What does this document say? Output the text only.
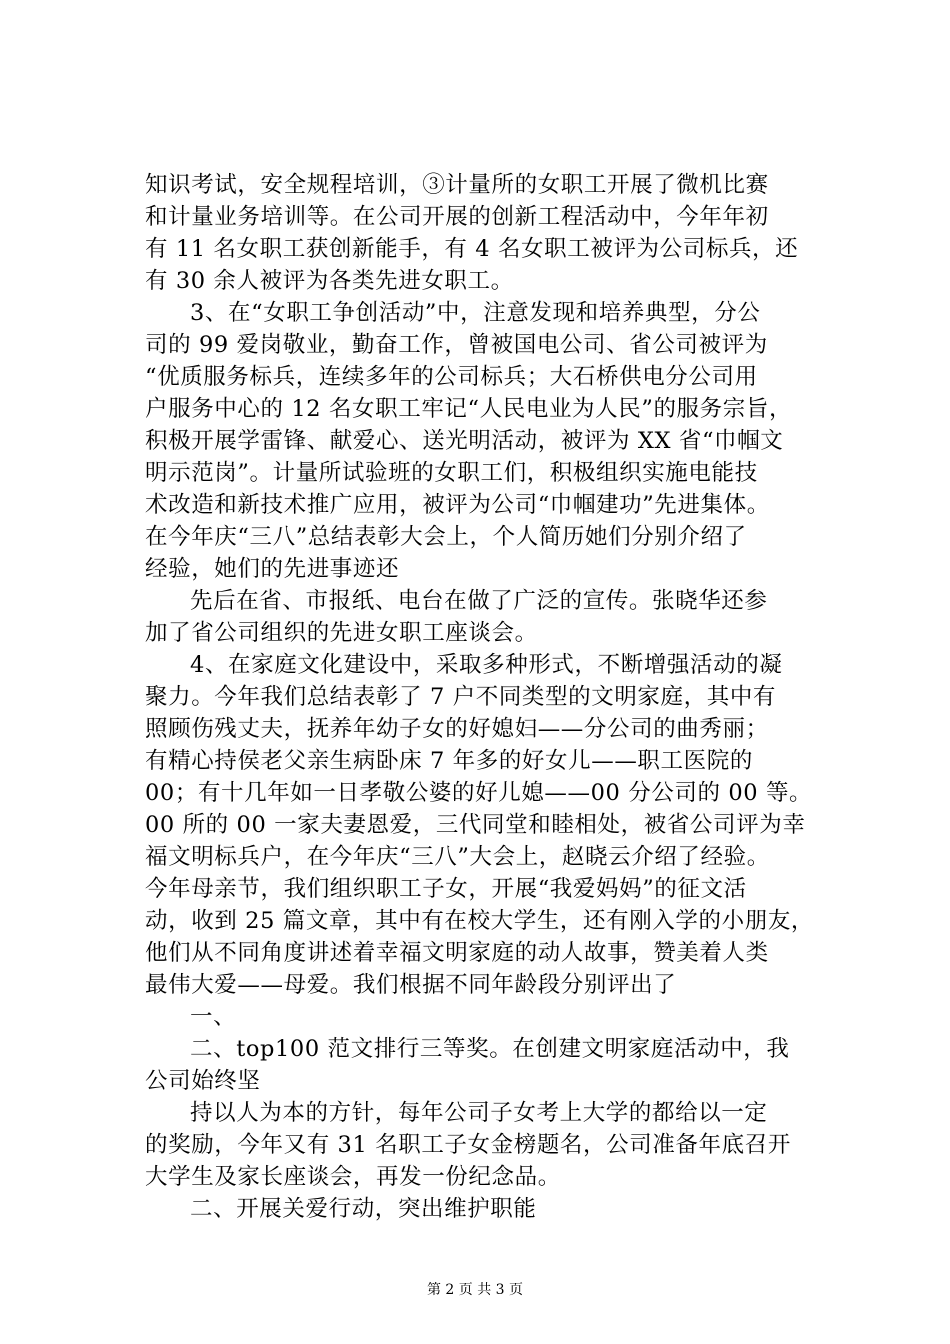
知识考试，安全规程培训，③计量所的女职工开展了微机比赛
和计量业务培训等。在公司开展的创新工程活动中，今年年初
有 11 名女职工获创新能手，有 4 名女职工被评为公司标兵，还
有 30 余人被评为各类先进女职工。
3、在“女职工争创活动”中，注意发现和培养典型，分公
司的 99 爱岗敬业，勤奋工作，曾被国电公司、省公司被评为
“优质服务标兵，连续多年的公司标兵；大石桥供电分公司用
户服务中心的 12 名女职工牢记“人民电业为人民”的服务宗旨，
积极开展学雷锋、献爱心、送光明活动，被评为 XX 省“巾帼文
明示范岗”。计量所试验班的女职工们，积极组织实施电能技
术改造和新技术推广应用，被评为公司“巾帼建功”先进集体。
在今年庆“三八”总结表彰大会上，个人简历她们分别介绍了
经验，她们的先进事迹还
先后在省、市报纸、电台在做了广泛的宣传。张晓华还参
加了省公司组织的先进女职工座谈会。
4、在家庭文化建设中，采取多种形式，不断增强活动的凝
聚力。今年我们总结表彰了 7 户不同类型的文明家庭，其中有
照顾伤残丈夫，抚养年幼子女的好媳妇——分公司的曲秀丽；
有精心持侯老父亲生病卧床 7 年多的好女儿——职工医院的
00；有十几年如一日孝敬公婆的好儿媳——00 分公司的 00 等。
00 所的 00 一家夫妻恩爱，三代同堂和睦相处，被省公司评为幸
福文明标兵户，在今年庆“三八”大会上，赵晓云介绍了经验。
今年母亲节，我们组织职工子女，开展“我爱妈妈”的征文活
动，收到 25 篇文章，其中有在校大学生，还有刚入学的小朋友，
他们从不同角度讲述着幸福文明家庭的动人故事，赞美着人类
最伟大爱——母爱。我们根据不同年龄段分别评出了
一、
二、top100 范文排行三等奖。在创建文明家庭活动中，我
公司始终坚
持以人为本的方针，每年公司子女考上大学的都给以一定
的奖励，今年又有 31 名职工子女金榜题名，公司准备年底召开
大学生及家长座谈会，再发一份纪念品。
二、开展关爱行动，突出维护职能
第 2 页 共 3 页
